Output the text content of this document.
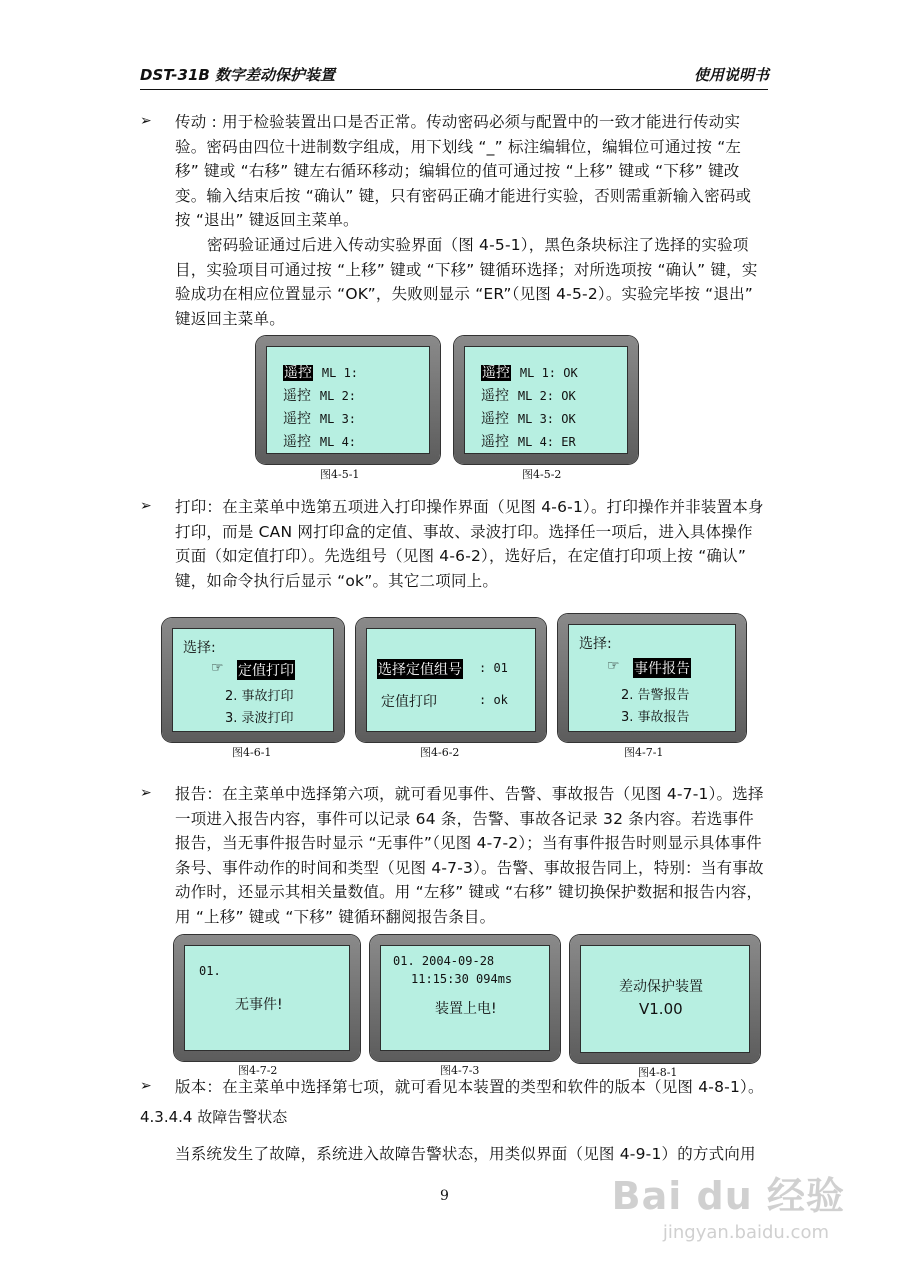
DST-31B 数字差动保护装置	使用说明书
➢ 传动 : 用于检验装置出口是否正常。传动密码必须与配置中的一致才能进行传动实验。密码由四位十进制数字组成，用下划线 “_” 标注编辑位，编辑位可通过按 “左移” 键或 “右移” 键左右循环移动；编辑位的值可通过按 “上移” 键或 “下移” 键改变。输入结束后按 “确认” 键，只有密码正确才能进行实验，否则需重新输入密码或按 “退出” 键返回主菜单。
密码验证通过后进入传动实验界面（图 4-5-1），黑色条块标注了选择的实验项目，实验项目可通过按 “上移” 键或 “下移” 键循环选择；对所选项按 “确认” 键，实验成功在相应位置显示 “OK”，失败则显示 “ER”（见图 4-5-2）。实验完毕按 “退出” 键返回主菜单。
遥控 ML 1:
遥控 ML 2:
遥控 ML 3:
遥控 ML 4:
图4-5-1
遥控 ML 1: OK
遥控 ML 2: OK
遥控 ML 3: OK
遥控 ML 4: ER
图4-5-2
➢ 打印：在主菜单中选第五项进入打印操作界面（见图 4-6-1）。打印操作并非装置本身打印，而是 CAN 网打印盒的定值、事故、录波打印。选择任一项后，进入具体操作页面（如定值打印）。先选组号（见图 4-6-2），选好后，在定值打印项上按 “确认” 键，如命令执行后显示 “ok”。其它二项同上。
选择:
☞ 定值打印
2. 事故打印
3. 录波打印
图4-6-1
选择定值组号 : 01
定值打印	: ok
图4-6-2
选择:
☞ 事件报告
2. 告警报告
3. 事故报告
图4-7-1
➢ 报告：在主菜单中选择第六项，就可看见事件、告警、事故报告（见图 4-7-1）。选择一项进入报告内容，事件可以记录 64 条，告警、事故各记录 32 条内容。若选事件报告，当无事件报告时显示 “无事件”（见图 4-7-2）；当有事件报告时则显示具体事件条号、事件动作的时间和类型（见图 4-7-3）。告警、事故报告同上，特别：当有事故动作时，还显示其相关量数值。用 “左移” 键或 “右移” 键切换保护数据和报告内容，用 “上移” 键或 “下移” 键循环翻阅报告条目。
01.
无事件!
图4-7-2
01. 2004-09-28
11:15:30 094ms
装置上电!
图4-7-3
差动保护装置
V1.00
图4-8-1
➢ 版本：在主菜单中选择第七项，就可看见本装置的类型和软件的版本（见图 4-8-1）。
4.3.4.4 故障告警状态
当系统发生了故障，系统进入故障告警状态，用类似界面（见图 4-9-1）的方式向用
9	Bai du 经验
jingyan.baidu.com
